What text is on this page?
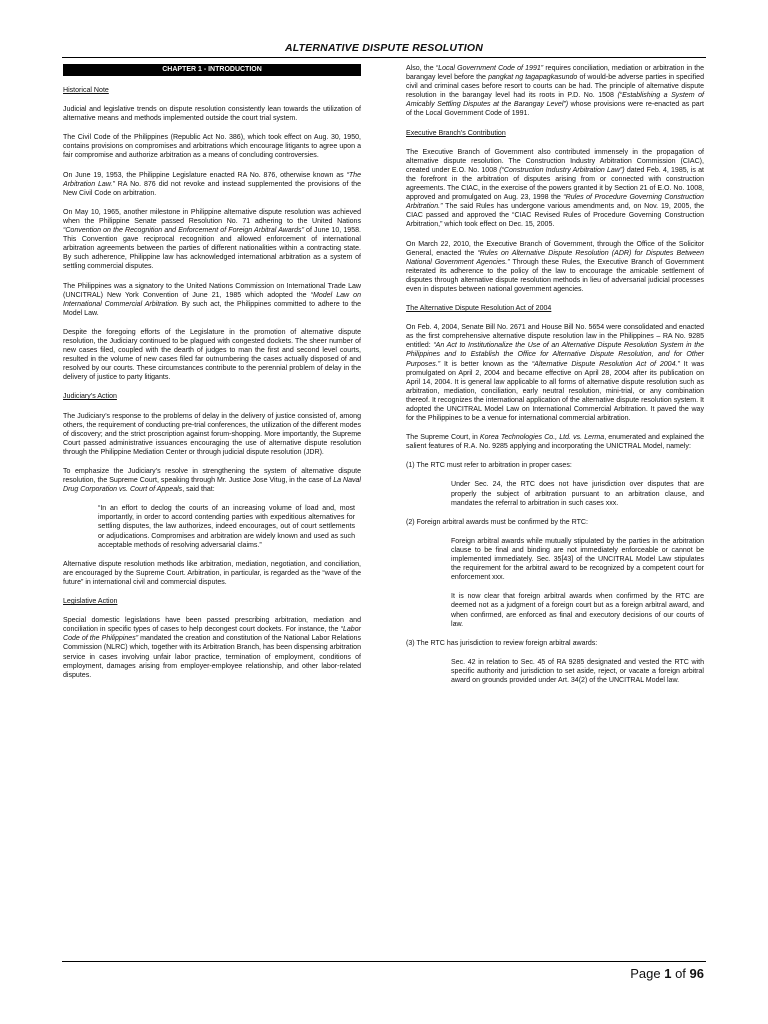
ALTERNATIVE DISPUTE RESOLUTION
CHAPTER 1 - INTRODUCTION
Historical Note

Judicial and legislative trends on dispute resolution consistently lean towards the utilization of alternative means and methods implemented outside the court trial system.

The Civil Code of the Philippines (Republic Act No. 386), which took effect on Aug. 30, 1950, contains provisions on compromises and arbitrations which encourage litigants to agree upon a fair compromise and authorize arbitration as a means of concluding controversies.

On June 19, 1953, the Philippine Legislature enacted RA No. 876, otherwise known as “The Arbitration Law.” RA No. 876 did not revoke and instead supplemented the provisions of the New Civil Code on arbitration.

On May 10, 1965, another milestone in Philippine alternative dispute resolution was achieved when the Philippine Senate passed Resolution No. 71 adhering to the United Nations “Convention on the Recognition and Enforcement of Foreign Arbitral Awards” of June 10, 1958. This Convention gave reciprocal recognition and allowed enforcement of international arbitration agreements between the parties of different nationalities within a contracting state. By such adherence, Philippine law has acknowledged international arbitration as a system of settling commercial disputes.

The Philippines was a signatory to the United Nations Commission on International Trade Law (UNCITRAL) New York Convention of June 21, 1985 which adopted the “Model Law on International Commercial Arbitration. By such act, the Philippines committed to adhere to the Model Law.

Despite the foregoing efforts of the Legislature in the promotion of alternative dispute resolution, the Judiciary continued to be plagued with congested dockets. The sheer number of new cases filed, coupled with the dearth of judges to man the first and second level courts, resulted in the volume of new cases filed far outnumbering the cases actually disposed of and resolved by our courts. These circumstances contribute to the perennial problem of delay in the delivery of justice to party litigants.

Judiciary’s Action

The Judiciary’s response to the problems of delay in the delivery of justice consisted of, among others, the requirement of conducting pre-trial conferences, the utilization of the different modes of discovery; and the strict proscription against forum-shopping. More importantly, the Supreme Court passed administrative issuances encouraging the use of alternative dispute resolution through the Philippine Mediation Center or through judicial dispute resolution (JDR).

To emphasize the Judiciary’s resolve in strengthening the system of alternative dispute resolution, the Supreme Court, speaking through Mr. Justice Jose Vitug, in the case of La Naval Drug Corporation vs. Court of Appeals, said that:

“In an effort to declog the courts of an increasing volume of load and, most importantly, in order to accord contending parties with expeditious alternatives for settling disputes, the law authorizes, indeed encourages, out of court settlements or adjudications. Compromises and arbitration are widely known and used as such acceptable methods of resolving adversarial claims.”

Alternative dispute resolution methods like arbitration, mediation, negotiation, and conciliation, are encouraged by the Supreme Court. Arbitration, in particular, is regarded as the “wave of the future” in international civil and commercial disputes.

Legislative Action

Special domestic legislations have been passed prescribing arbitration, mediation and conciliation in specific types of cases to help decongest court dockets. For instance, the “Labor Code of the Philippines” mandated the creation and constitution of the National Labor Relations Commission (NLRC) which, together with its Arbitration Branch, has been dispensing arbitration service in cases involving unfair labor practice, termination of employment, conditions of employment, damages arising from employer-employee relationship, and other labor-related disputes.

Also, the “Local Government Code of 1991” requires conciliation, mediation or arbitration in the barangay level before the pangkat ng tagapagkasundo of would-be adverse parties in specified civil and criminal cases before resort to courts can be had. The principle of alternative dispute resolution in the barangay level had its roots in P.D. No. 1508 (“Establishing a System of Amicably Settling Disputes at the Barangay Level”) whose provisions were re-enacted as part of the Local Government Code of 1991.

Executive Branch’s Contribution

The Executive Branch of Government also contributed immensely in the propagation of alternative dispute resolution. The Construction Industry Arbitration Commission (CIAC), created under E.O. No. 1008 (“Construction Industry Arbitration Law”) dated Feb. 4, 1985, is at the forefront in the arbitration of disputes arising from or connected with construction agreements. The CIAC, in the exercise of the powers granted it by Section 21 of E.O. No. 1008, approved and promulgated on Aug. 23, 1998 the “Rules of Procedure Governing Construction Arbitration.” The said Rules has undergone various amendments and, on Nov. 19, 2005, the CIAC passed and approved the “CIAC Revised Rules of Procedure Governing Construction Arbitration,” which took effect on Dec. 15, 2005.

On March 22, 2010, the Executive Branch of Government, through the Office of the Solicitor General, enacted the “Rules on Alternative Dispute Resolution (ADR) for Disputes Between National Government Agencies.” Through these Rules, the Executive Branch of Government reiterated its adherence to the policy of the law to encourage the amicable settlement of disputes through alternative dispute resolution methods in lieu of adversarial judicial processes even in disputes between national government agencies.

The Alternative Dispute Resolution Act of 2004

On Feb. 4, 2004, Senate Bill No. 2671 and House Bill No. 5654 were consolidated and enacted as the first comprehensive alternative dispute resolution law in the Philippines – RA No. 9285 entitled: “An Act to Institutionalize the Use of an Alternative Dispute Resolution System in the Philippines and to Establish the Office for Alternative Dispute Resolution, and for Other Purposes.” It is better known as the “Alternative Dispute Resolution Act of 2004.” It was promulgated on April 2, 2004 and became effective on April 28, 2004 after its publication on April 14, 2004. It is general law applicable to all forms of alternative dispute resolution such as arbitration, mediation, conciliation, early neutral resolution, mini-trial, or any combination thereof. It recognizes the international application of the alternative dispute resolution system. It adopted the UNCITRAL Model Law on International Commercial Arbitration. It paved the way for the Philippines to be a venue for international commercial arbitration.

The Supreme Court, in Korea Technologies Co., Ltd. vs. Lerma, enumerated and explained the salient features of R.A. No. 9285 applying and incorporating the UNICTRAL Model, namely:

(1) The RTC must refer to arbitration in proper cases:

Under Sec. 24, the RTC does not have jurisdiction over disputes that are properly the subject of arbitration pursuant to an arbitration clause, and mandates the referral to arbitration in such cases xxx.

(2) Foreign arbitral awards must be confirmed by the RTC:

Foreign arbitral awards while mutually stipulated by the parties in the arbitration clause to be final and binding are not immediately enforceable or cannot be implemented immediately. Sec. 35[43] of the UNCITRAL Model Law stipulates the requirement for the arbitral award to be recognized by a competent court for enforcement xxx.

It is now clear that foreign arbitral awards when confirmed by the RTC are deemed not as a judgment of a foreign court but as a foreign arbitral award, and when confirmed, are enforced as final and executory decisions of our courts of law.

(3) The RTC has jurisdiction to review foreign arbitral awards:

Sec. 42 in relation to Sec. 45 of RA 9285 designated and vested the RTC with specific authority and jurisdiction to set aside, reject, or vacate a foreign arbitral award on grounds provided under Art. 34(2) of the UNCITRAL Model law.

Page 1 of 96
